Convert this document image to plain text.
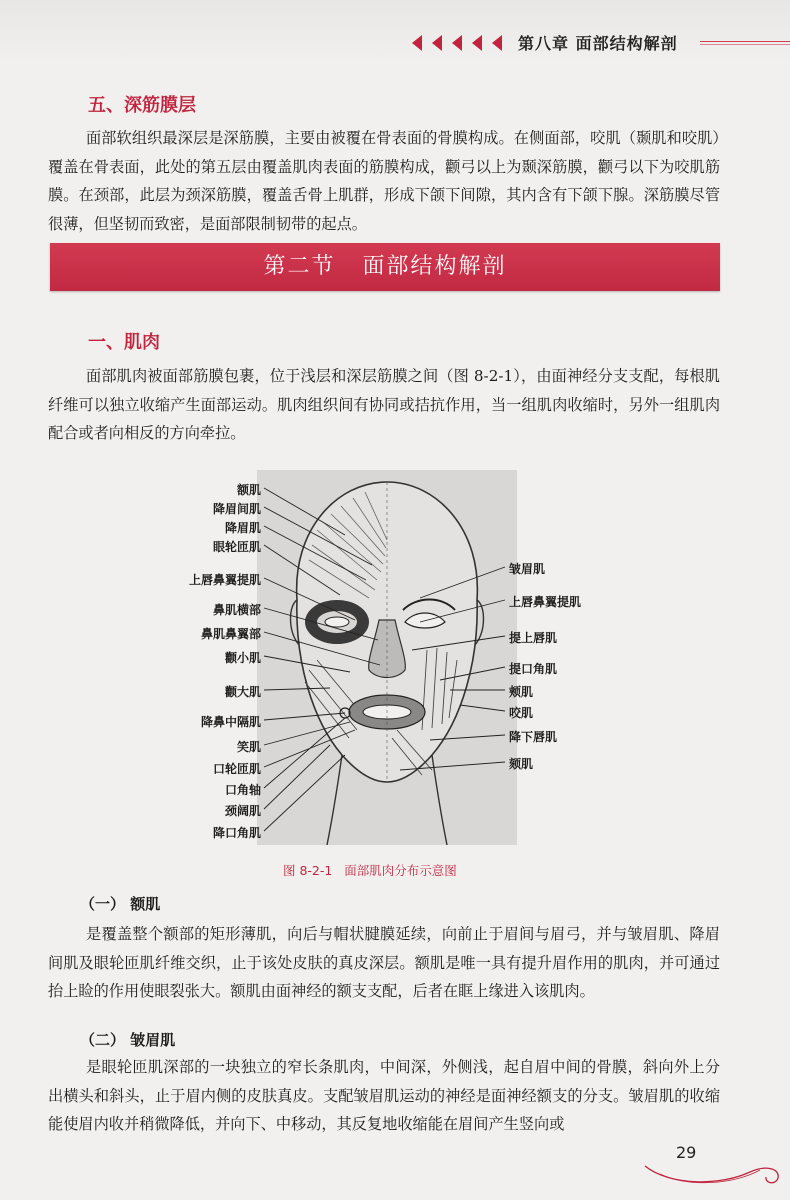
第八章 面部结构解剖
五、深筋膜层

面部软组织最深层是深筋膜，主要由被覆在骨表面的骨膜构成。在侧面部，咬肌（颞肌和咬肌）覆盖在骨表面，此处的第五层由覆盖肌肉表面的筋膜构成，颧弓以上为颞深筋膜，颧弓以下为咬肌筋膜。在颈部，此层为颈深筋膜，覆盖舌骨上肌群，形成下颌下间隙，其内含有下颌下腺。深筋膜尽管很薄，但坚韧而致密，是面部限制韧带的起点。

第二节   面部结构解剖
一、肌肉

面部肌肉被面部筋膜包裹，位于浅层和深层筋膜之间（图 8-2-1），由面神经分支支配，每根肌纤维可以独立收缩产生面部运动。肌肉组织间有协同或拮抗作用，当一组肌肉收缩时，另外一组肌肉配合或者向相反的方向牵拉。

额肌
降眉间肌
降眉肌
眼轮匝肌
上唇鼻翼提肌
鼻肌横部
鼻肌鼻翼部
颧小肌
颧大肌
降鼻中隔肌
笑肌
口轮匝肌
口角轴
颈阔肌
降口角肌
皱眉肌
上唇鼻翼提肌
提上唇肌
提口角肌
颊肌
咬肌
降下唇肌
颏肌
图 8-2-1   面部肌肉分布示意图
（一） 额肌

是覆盖整个额部的矩形薄肌，向后与帽状腱膜延续，向前止于眉间与眉弓，并与皱眉肌、降眉间肌及眼轮匝肌纤维交织，止于该处皮肤的真皮深层。额肌是唯一具有提升眉作用的肌肉，并可通过抬上睑的作用使眼裂张大。额肌由面神经的额支支配，后者在眶上缘进入该肌肉。

（二） 皱眉肌

是眼轮匝肌深部的一块独立的窄长条肌肉，中间深，外侧浅，起自眉中间的骨膜，斜向外上分出横头和斜头，止于眉内侧的皮肤真皮。支配皱眉肌运动的神经是面神经额支的分支。皱眉肌的收缩能使眉内收并稍微降低，并向下、中移动，其反复地收缩能在眉间产生竖向或

29
